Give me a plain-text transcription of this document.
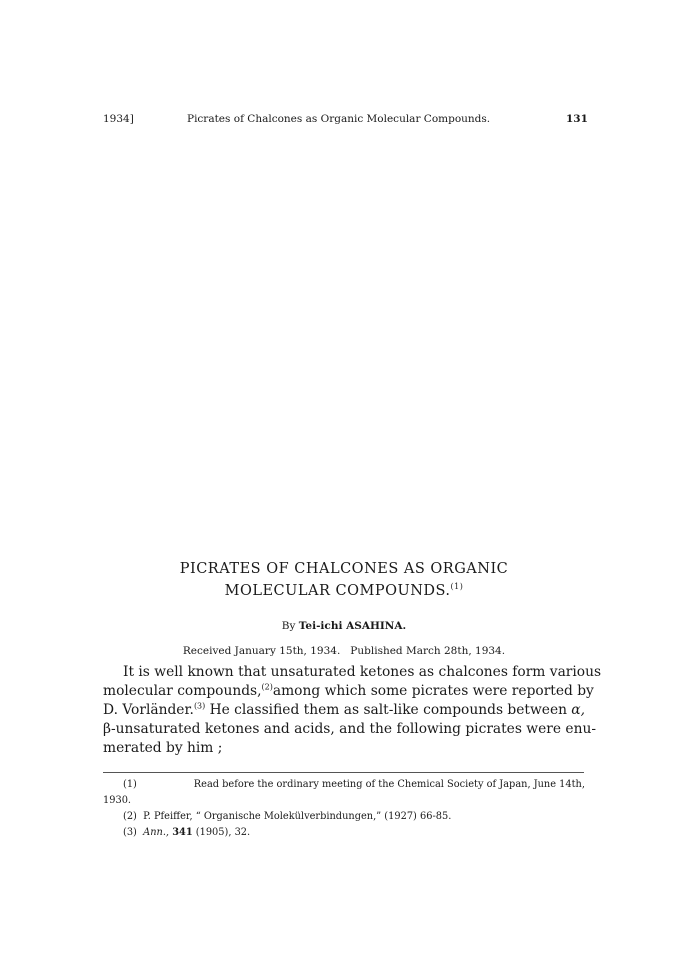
1934]	Picrates of Chalcones as Organic Molecular Compounds.	131
PICRATES OF CHALCONES AS ORGANIC
MOLECULAR COMPOUNDS.$^{(1)}$
By Tei-ichi ASAHINA.
Received January 15th, 1934.   Published March 28th, 1934.
It is well known that unsaturated ketones as chalcones form various
molecular compounds,$^{(2)}$ among which some picrates were reported by
D. Vorländer.$^{(3)}$ He classified them as salt-like compounds between α,
β-unsaturated ketones and acids, and the following picrates were enu-
merated by him ;
(1)	Read before the ordinary meeting of the Chemical Society of Japan, June 14th,
1930.
(2) P. Pfeiffer, “ Organische Molekülverbindungen,” (1927) 66-85.
(3) Ann., 341 (1905), 32.
